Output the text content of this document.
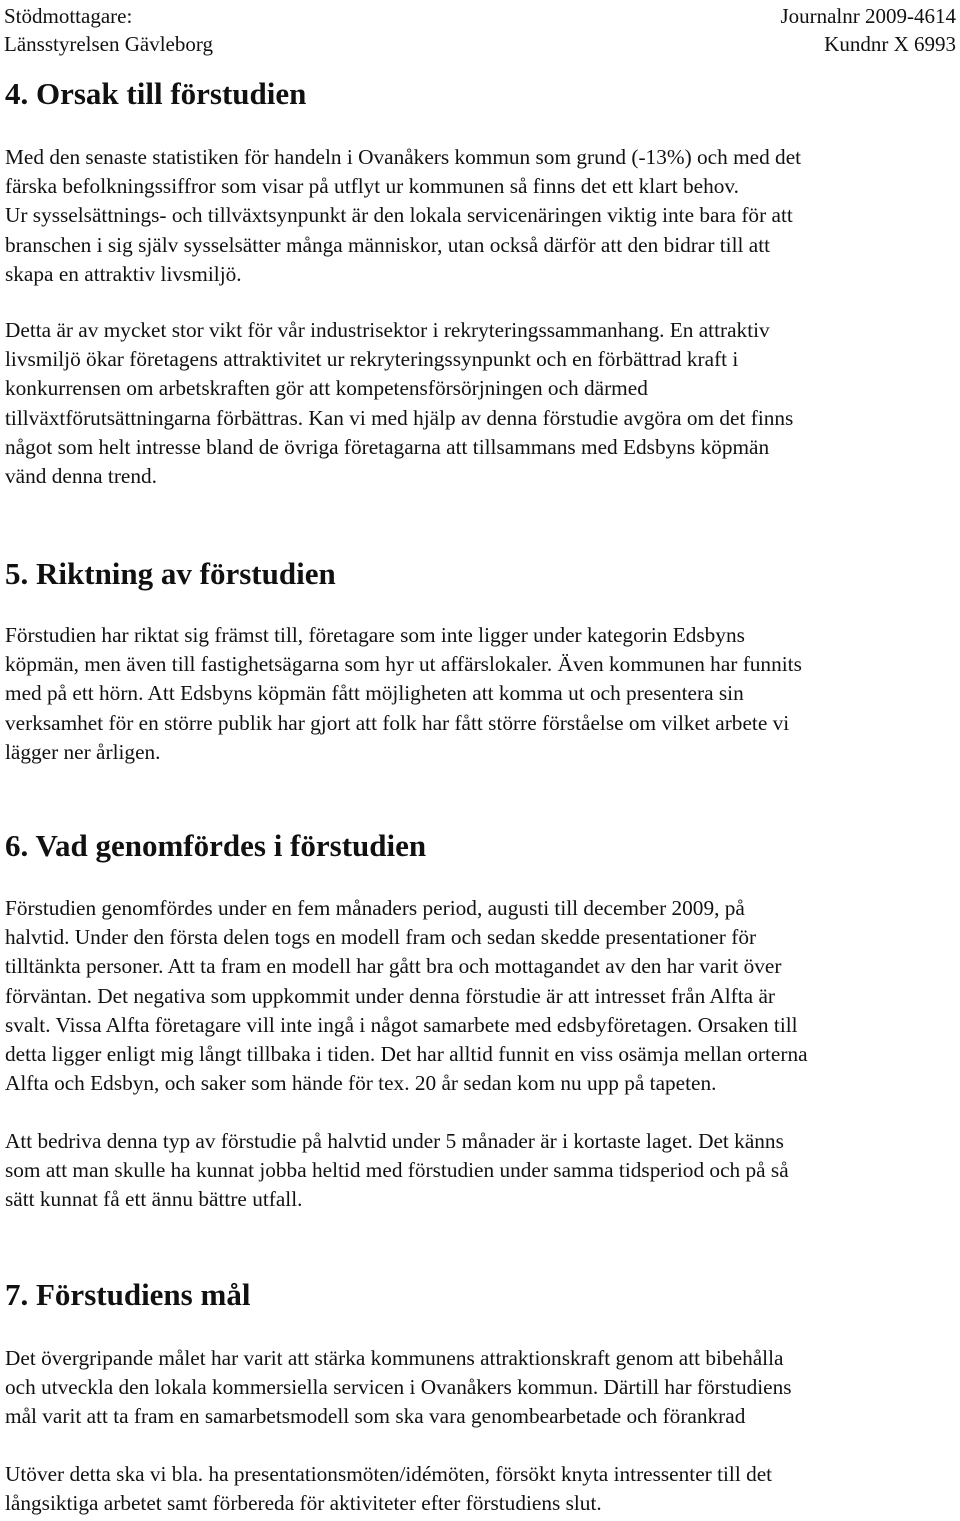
Stödmottagare:
Länsstyrelsen Gävleborg
Journalnr 2009-4614
Kundnr X 6993
4. Orsak till förstudien

Med den senaste statistiken för handeln i Ovanåkers kommun som grund (-13%) och med det
färska befolkningssiffror som visar på utflyt ur kommunen så finns det ett klart behov.
Ur sysselsättnings- och tillväxtsynpunkt är den lokala servicenäringen viktig inte bara för att
branschen i sig själv sysselsätter många människor, utan också därför att den bidrar till att
skapa en attraktiv livsmiljö.

Detta är av mycket stor vikt för vår industrisektor i rekryteringssammanhang. En attraktiv
livsmiljö ökar företagens attraktivitet ur rekryteringssynpunkt och en förbättrad kraft i
konkurrensen om arbetskraften gör att kompetensförsörjningen och därmed
tillväxtförutsättningarna förbättras. Kan vi med hjälp av denna förstudie avgöra om det finns
något som helt intresse bland de övriga företagarna att tillsammans med Edsbyns köpmän
vänd denna trend.

5. Riktning av förstudien

Förstudien har riktat sig främst till, företagare som inte ligger under kategorin Edsbyns
köpmän, men även till fastighetsägarna som hyr ut affärslokaler. Även kommunen har funnits
med på ett hörn. Att Edsbyns köpmän fått möjligheten att komma ut och presentera sin
verksamhet för en större publik har gjort att folk har fått större förståelse om vilket arbete vi
lägger ner årligen.

6. Vad genomfördes i förstudien

Förstudien genomfördes under en fem månaders period, augusti till december 2009, på
halvtid. Under den första delen togs en modell fram och sedan skedde presentationer för
tilltänkta personer. Att ta fram en modell har gått bra och mottagandet av den har varit över
förväntan. Det negativa som uppkommit under denna förstudie är att intresset från Alfta är
svalt. Vissa Alfta företagare vill inte ingå i något samarbete med edsbyföretagen. Orsaken till
detta ligger enligt mig långt tillbaka i tiden. Det har alltid funnit en viss osämja mellan orterna
Alfta och Edsbyn, och saker som hände för tex. 20 år sedan kom nu upp på tapeten.

Att bedriva denna typ av förstudie på halvtid under 5 månader är i kortaste laget. Det känns
som att man skulle ha kunnat jobba heltid med förstudien under samma tidsperiod och på så
sätt kunnat få ett ännu bättre utfall.

7. Förstudiens mål

Det övergripande målet har varit att stärka kommunens attraktionskraft genom att bibehålla
och utveckla den lokala kommersiella servicen i Ovanåkers kommun. Därtill har förstudiens
mål varit att ta fram en samarbetsmodell som ska vara genombearbetade och förankrad

Utöver detta ska vi bla. ha presentationsmöten/idémöten, försökt knyta intressenter till det
långsiktiga arbetet samt förbereda för aktiviteter efter förstudiens slut.
